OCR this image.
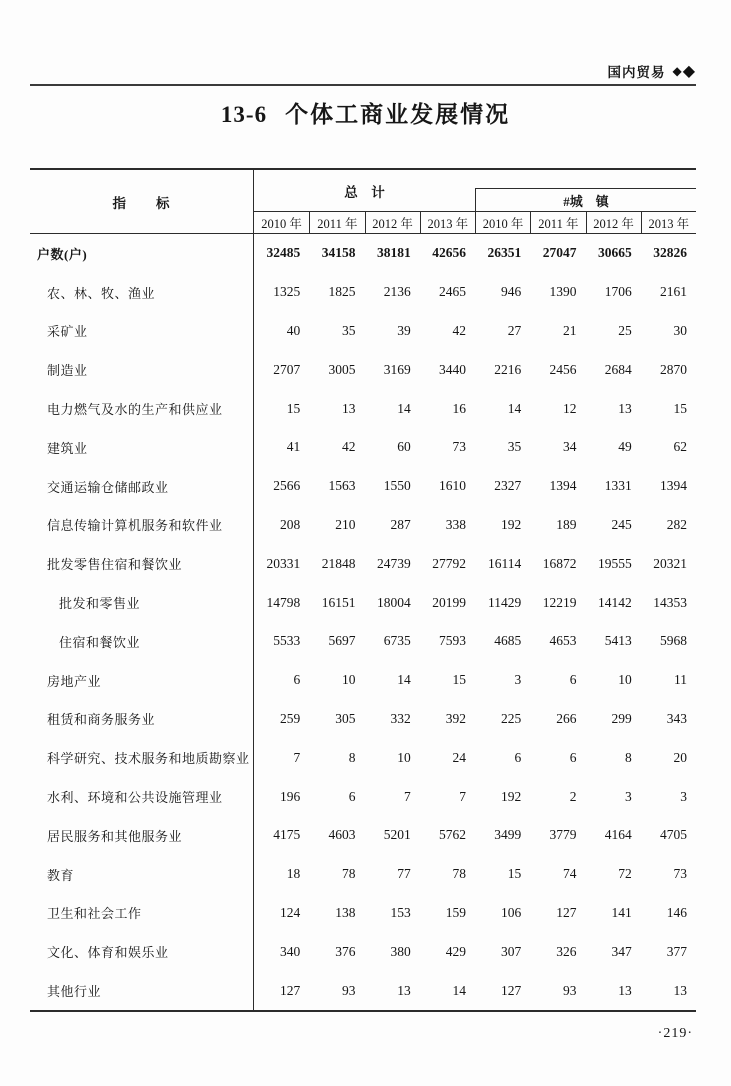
国内贸易 ◆ ◆
13-6 个体工商业发展情况
指　　标
总　计
#城　镇
2010 年	2011 年	2012 年	2013 年	2010 年	2011 年	2012 年	2013 年
户数(户)	32485	34158	38181	42656	26351	27047	30665	32826
农、林、牧、渔业	1325	1825	2136	2465	946	1390	1706	2161
采矿业	40	35	39	42	27	21	25	30
制造业	2707	3005	3169	3440	2216	2456	2684	2870
电力燃气及水的生产和供应业	15	13	14	16	14	12	13	15
建筑业	41	42	60	73	35	34	49	62
交通运输仓储邮政业	2566	1563	1550	1610	2327	1394	1331	1394
信息传输计算机服务和软件业	208	210	287	338	192	189	245	282
批发零售住宿和餐饮业	20331	21848	24739	27792	16114	16872	19555	20321
批发和零售业	14798	16151	18004	20199	11429	12219	14142	14353
住宿和餐饮业	5533	5697	6735	7593	4685	4653	5413	5968
房地产业	6	10	14	15	3	6	10	11
租赁和商务服务业	259	305	332	392	225	266	299	343
科学研究、技术服务和地质勘察业	7	8	10	24	6	6	8	20
水利、环境和公共设施管理业	196	6	7	7	192	2	3	3
居民服务和其他服务业	4175	4603	5201	5762	3499	3779	4164	4705
教育	18	78	77	78	15	74	72	73
卫生和社会工作	124	138	153	159	106	127	141	146
文化、体育和娱乐业	340	376	380	429	307	326	347	377
其他行业	127	93	13	14	127	93	13	13
·219·
